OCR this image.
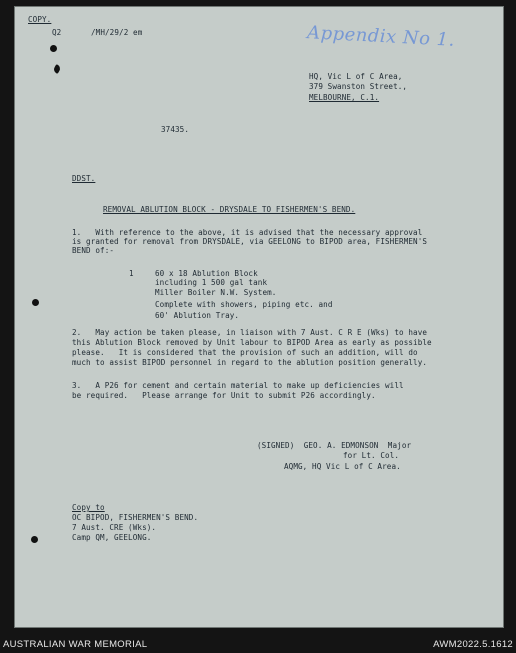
COPY.
Q2	/MH/29/2 em	Appendix No 1.
HQ, Vic L of C Area,
379 Swanston Street.,
MELBOURNE, C.1.
37435.
DDST.
REMOVAL ABLUTION BLOCK - DRYSDALE TO FISHERMEN'S BEND.
1.   With reference to the above, it is advised that the necessary approval
is granted for removal from DRYSDALE, via GEELONG to BIPOD area, FISHERMEN'S
BEND of:-
1	60 x 18 Ablution Block
including 1 500 gal tank
Miller Boiler N.W. System.
Complete with showers, piping etc. and
60' Ablution Tray.
2.   May action be taken please, in liaison with 7 Aust. C R E (Wks) to have
this Ablution Block removed by Unit labour to BIPOD Area as early as possible
please.   It is considered that the provision of such an addition, will do
much to assist BIPOD personnel in regard to the ablution position generally.
3.   A P26 for cement and certain material to make up deficiencies will
be required.   Please arrange for Unit to submit P26 accordingly.
(SIGNED)  GEO. A. EDMONSON  Major
for Lt. Col.
AQMG, HQ Vic L of C Area.
Copy to
OC BIPOD, FISHERMEN'S BEND.
7 Aust. CRE (Wks).
Camp QM, GEELONG.
AUSTRALIAN WAR MEMORIAL	AWM2022.5.1612
